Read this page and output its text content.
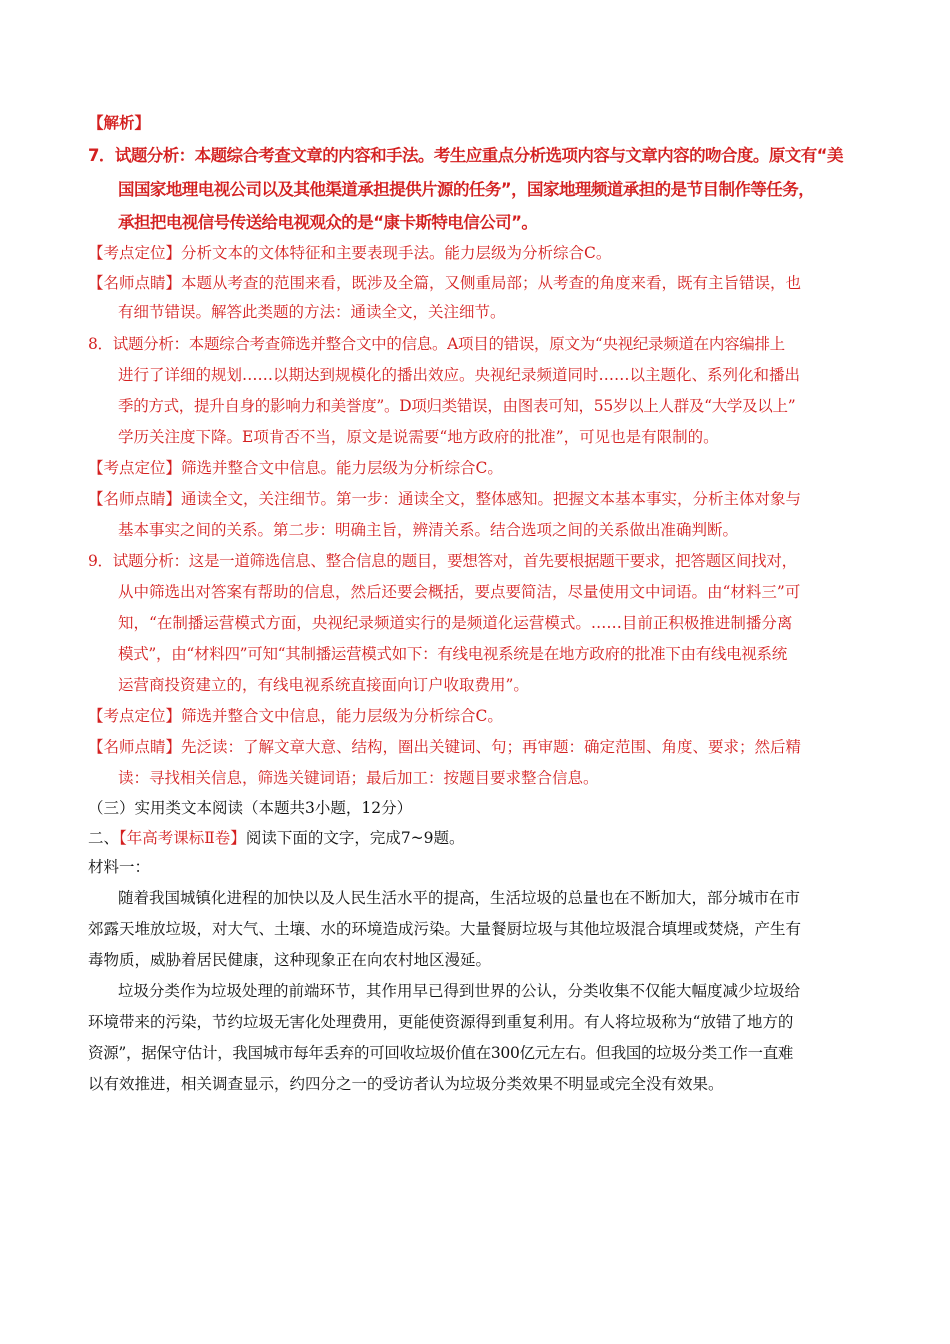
【解析】
7．试题分析：本题综合考查文章的内容和手法。考生应重点分析选项内容与文章内容的吻合度。原文有“美
国国家地理电视公司以及其他渠道承担提供片源的任务”，国家地理频道承担的是节目制作等任务，
承担把电视信号传送给电视观众的是“康卡斯特电信公司”。
【考点定位】分析文本的文体特征和主要表现手法。能力层级为分析综合C。
【名师点睛】本题从考查的范围来看，既涉及全篇，又侧重局部；从考查的角度来看，既有主旨错误，也
有细节错误。解答此类题的方法：通读全文，关注细节。
8．试题分析：本题综合考查筛选并整合文中的信息。A项目的错误，原文为“央视纪录频道在内容编排上
进行了详细的规划……以期达到规模化的播出效应。央视纪录频道同时……以主题化、系列化和播出
季的方式，提升自身的影响力和美誉度”。D项归类错误，由图表可知，55岁以上人群及“大学及以上”
学历关注度下降。E项肯否不当，原文是说需要“地方政府的批准”，可见也是有限制的。
【考点定位】筛选并整合文中信息。能力层级为分析综合C。
【名师点睛】通读全文，关注细节。第一步：通读全文，整体感知。把握文本基本事实，分析主体对象与
基本事实之间的关系。第二步：明确主旨，辨清关系。结合选项之间的关系做出准确判断。
9．试题分析：这是一道筛选信息、整合信息的题目，要想答对，首先要根据题干要求，把答题区间找对，
从中筛选出对答案有帮助的信息，然后还要会概括，要点要简洁，尽量使用文中词语。由“材料三”可
知，“在制播运营模式方面，央视纪录频道实行的是频道化运营模式。……目前正积极推进制播分离
模式”，由“材料四”可知“其制播运营模式如下：有线电视系统是在地方政府的批准下由有线电视系统
运营商投资建立的，有线电视系统直接面向订户收取费用”。
【考点定位】筛选并整合文中信息，能力层级为分析综合C。
【名师点睛】先泛读：了解文章大意、结构，圈出关键词、句；再审题：确定范围、角度、要求；然后精
读：寻找相关信息，筛选关键词语；最后加工：按题目要求整合信息。
（三）实用类文本阅读（本题共3小题，12分）
二、【年高考课标Ⅱ卷】阅读下面的文字，完成7~9题。
材料一：
随着我国城镇化进程的加快以及人民生活水平的提高，生活垃圾的总量也在不断加大，部分城市在市
郊露天堆放垃圾，对大气、土壤、水的环境造成污染。大量餐厨垃圾与其他垃圾混合填埋或焚烧，产生有
毒物质，威胁着居民健康，这种现象正在向农村地区漫延。
垃圾分类作为垃圾处理的前端环节，其作用早已得到世界的公认，分类收集不仅能大幅度减少垃圾给
环境带来的污染，节约垃圾无害化处理费用，更能使资源得到重复利用。有人将垃圾称为“放错了地方的
资源”，据保守估计，我国城市每年丢弃的可回收垃圾价值在300亿元左右。但我国的垃圾分类工作一直难
以有效推进，相关调查显示，约四分之一的受访者认为垃圾分类效果不明显或完全没有效果。
